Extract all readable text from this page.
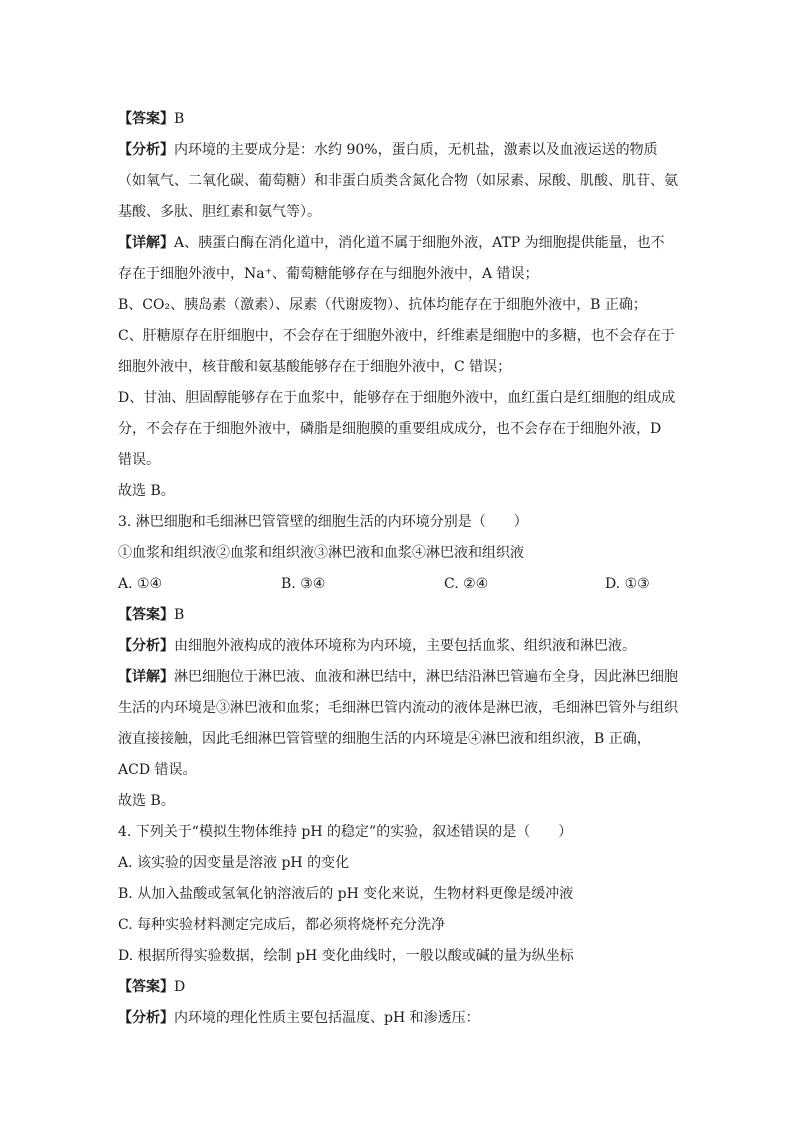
【答案】B

【分析】内环境的主要成分是：水约 90%，蛋白质，无机盐，激素以及血液运送的物质（如氧气、二氧化碳、葡萄糖）和非蛋白质类含氮化合物（如尿素、尿酸、肌酸、肌苷、氨基酸、多肽、胆红素和氨气等）。

【详解】A、胰蛋白酶在消化道中，消化道不属于细胞外液，ATP 为细胞提供能量，也不存在于细胞外液中，Na⁺、葡萄糖能够存在与细胞外液中，A 错误；

B、CO₂、胰岛素（激素）、尿素（代谢废物）、抗体均能存在于细胞外液中，B 正确；

C、肝糖原存在肝细胞中，不会存在于细胞外液中，纤维素是细胞中的多糖，也不会存在于细胞外液中，核苷酸和氨基酸能够存在于细胞外液中，C 错误；

D、甘油、胆固醇能够存在于血浆中，能够存在于细胞外液中，血红蛋白是红细胞的组成成分，不会存在于细胞外液中，磷脂是细胞膜的重要组成成分，也不会存在于细胞外液，D 错误。

故选 B。

3. 淋巴细胞和毛细淋巴管管壁的细胞生活的内环境分别是（　　）

①血浆和组织液②血浆和组织液③淋巴液和血浆④淋巴液和组织液

A. ①④	B. ③④	C. ②④	D. ①③

【答案】B

【分析】由细胞外液构成的液体环境称为内环境，主要包括血浆、组织液和淋巴液。

【详解】淋巴细胞位于淋巴液、血液和淋巴结中，淋巴结沿淋巴管遍布全身，因此淋巴细胞生活的内环境是③淋巴液和血浆；毛细淋巴管内流动的液体是淋巴液，毛细淋巴管外与组织液直接接触，因此毛细淋巴管管壁的细胞生活的内环境是④淋巴液和组织液，B 正确，ACD 错误。

故选 B。

4. 下列关于“模拟生物体维持 pH 的稳定”的实验，叙述错误的是（　　）

A. 该实验的因变量是溶液 pH 的变化

B. 从加入盐酸或氢氧化钠溶液后的 pH 变化来说，生物材料更像是缓冲液

C. 每种实验材料测定完成后，都必须将烧杯充分洗净

D. 根据所得实验数据，绘制 pH 变化曲线时，一般以酸或碱的量为纵坐标

【答案】D

【分析】内环境的理化性质主要包括温度、pH 和渗透压：
